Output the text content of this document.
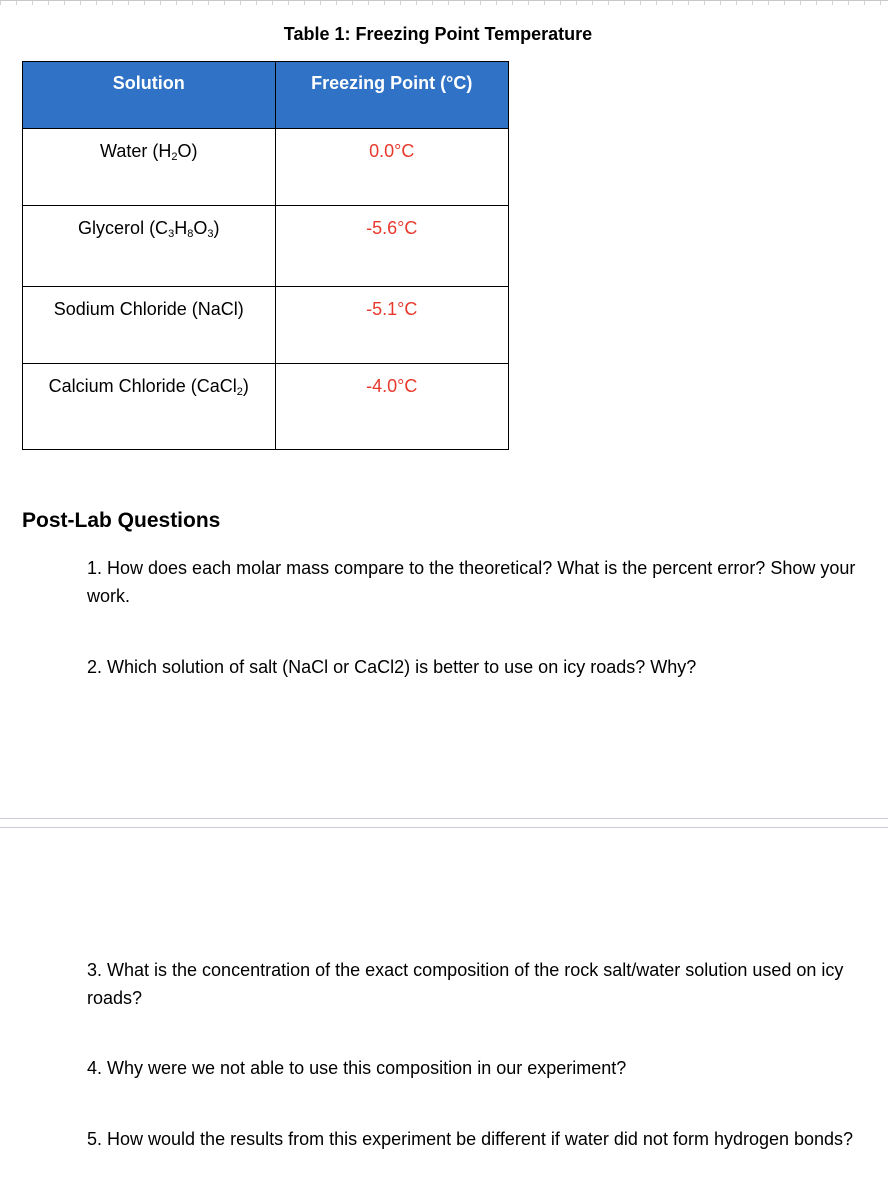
Table 1: Freezing Point Temperature
Solution	Freezing Point (°C)
Water $(H_2O)$	0.0°C
Glycerol $(C_3H_8O_3)$	-5.6°C
Sodium Chloride (NaCl)	-5.1°C
Calcium Chloride (CaCl$_2$)	-4.0°C
Post-Lab Questions
1. How does each molar mass compare to the theoretical? What is the percent error? Show your work.
2. Which solution of salt (NaCl or CaCl2) is better to use on icy roads? Why?
3. What is the concentration of the exact composition of the rock salt/water solution used on icy roads?
4. Why were we not able to use this composition in our experiment?
5. How would the results from this experiment be different if water did not form hydrogen bonds?
